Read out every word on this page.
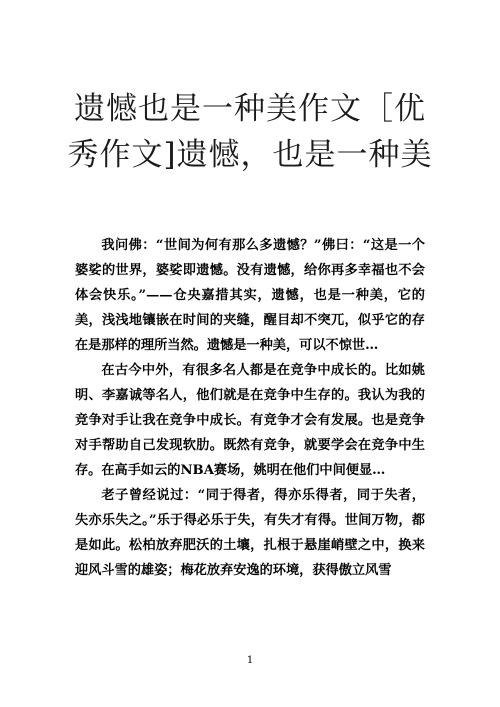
遗憾也是一种美作文［优秀作文]遗憾，也是一种美

我问佛：“世间为何有那么多遗憾？”佛曰：“这是一个婆娑的世界，婆娑即遗憾。没有遗憾，给你再多幸福也不会体会快乐。”——仓央嘉措其实，遗憾，也是一种美，它的美，浅浅地镶嵌在时间的夹缝，醒目却不突兀，似乎它的存在是那样的理所当然。遗憾是一种美，可以不惊世…

在古今中外，有很多名人都是在竞争中成长的。比如姚明、李嘉诚等名人，他们就是在竞争中生存的。我认为我的竞争对手让我在竞争中成长。有竞争才会有发展。也是竞争对手帮助自己发现软肋。既然有竞争，就要学会在竞争中生存。在高手如云的NBA赛场，姚明在他们中间便显…

老子曾经说过：“同于得者，得亦乐得者，同于失者，失亦乐失之。”乐于得必乐于失，有失才有得。世间万物，都是如此。松柏放弃肥沃的土壤，扎根于悬崖峭壁之中，换来迎风斗雪的雄姿；梅花放弃安逸的环境，获得傲立风雪

1
